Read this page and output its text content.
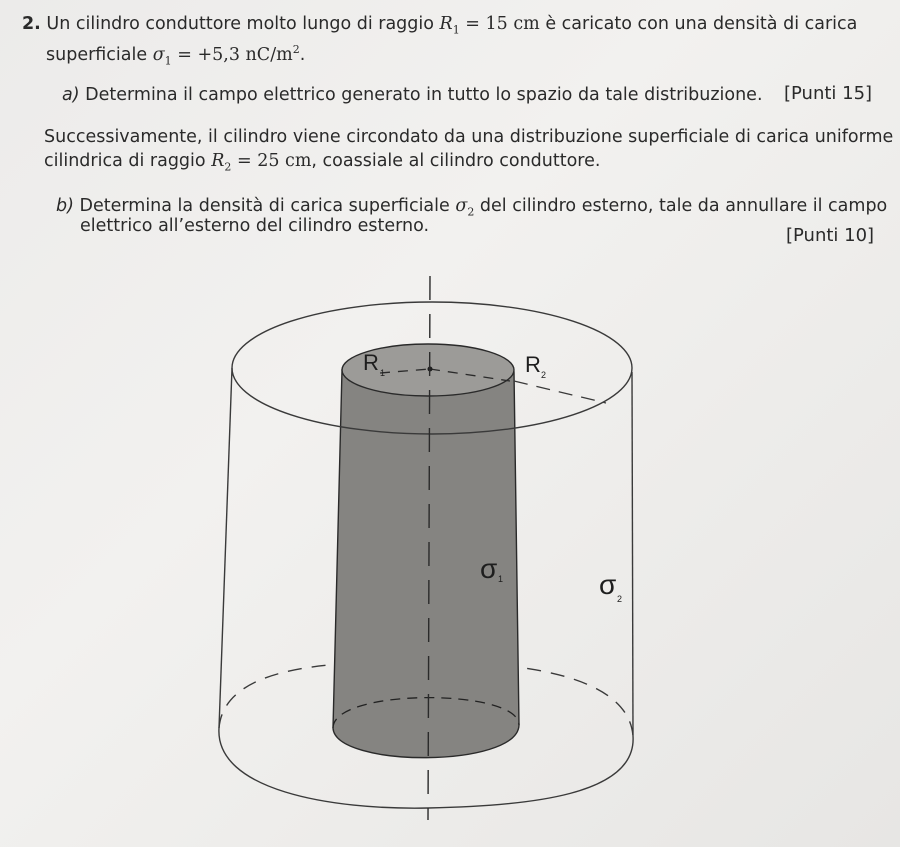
2. Un cilindro conduttore molto lungo di raggio $R_1 = 15$ cm è caricato con una densità di carica
superficiale $\sigma_1 = +5,3$ $nC/m^2$.
a) Determina il campo elettrico generato in tutto lo spazio da tale distribuzione. [Punti 15]
Successivamente, il cilindro viene circondato da una distribuzione superficiale di carica uniforme
cilindrica di raggio $R_2 = 25$ cm, coassiale al cilindro conduttore.
b) Determina la densità di carica superficiale $\sigma_2$ del cilindro esterno, tale da annullare il campo
elettrico all’esterno del cilindro esterno.	[Punti 10]
R 1	R 2
σ 1	σ 2
